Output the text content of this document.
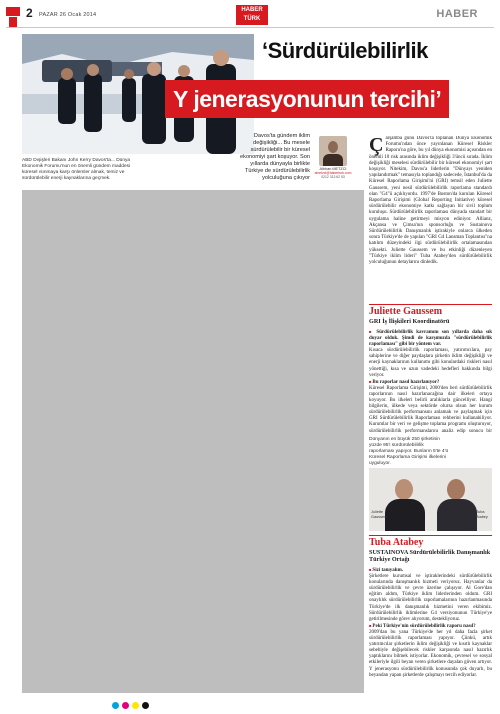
2 PAZAR 26 Ocak 2014
HABER
TÜRK	HABER
ABD Dışişleri Bakanı John Kerry Davos'ta... Dünya Ekonomik Forumu'nun en önemli gündem maddesi küresel ısınmaya karşı önlemler almak, temiz ve sürdürülebilir enerji kaynaklarına geçmek.
‘Sürdürülebilirlik
Y jenerasyonunun tercihi’
Davos'ta gündem iklim değişikliği... Bu mesele sürdürülebilir bir küresel ekonomiyi şart koşuyor. Son yıllarda dünyayla birlikte Türkiye de sürdürülebilirlik yolculuğuna çıkıyor
Altıhan METZCI
ametzci@haberturk.com
0212 313 62 53
Ç arşamba günü Davos'ta toplanan Dünya Ekonomik Forumu'ndan önce yayınlanan Küresel Riskler Raporu'na göre, bu yıl dünya ekonomisi açısından en önemli 10 risk arasında iklim değişikliği 3'üncü sırada. İklim değişikliği meselesi sürdürülebilir bir küresel ekonomiyi şart koşuyor. Nitekim, Davos'a liderlerin "Dünyayı yeniden yapılandırmak" temasıyla toplandığı sadecede, İstanbul'da da Küresel Raporlama Girişimi'ni (GRI) temsil eden Juliette Gaussem, yeni nesil sürdürülebilirlik raporlama standardı olan "G4"ü açıklıyordu. 1997'de Boston'da kurulan Küresel Raporlama Girişimi (Global Reporting Initiative) küresel sürdürülebilir ekonomiye katkı sağlayan bir sivil toplum kuruluşu. Sürdürülebilirlik raporlaması dünyada standart bir uygulama haline getirmeyi misyon ediniyor. Allianz, Akçansa ve Çimsa'nın sponsorluğu ve Sustainova Sürdürülebilirlik Danışmanlık iştirakiyle onlarca ülkeden sonra Türkiye'de de yapılan "GRI G4 Lansman Toplantısı"na katılım düzeyindeki ilgi sürdürülebilirlik ortalamasından yüksekti. Juliette Gaussem ve bu etkinliği düzenleyen "Türkiye iklim lideri" Tuba Atabey'den sürdürülebilirlik yolculuğunun detaylarını dinledik.
Juliette Gaussem
GRI İş İlişkileri Koordinatörü
■ Sürdürülebilirlik kavramını son yıllarda daha sık duyar olduk. Şimdi de karşımızda "sürdürülebilirlik raporlaması" gibi bir yöntem var.
Kısaca sürdürülebilirlik raporlaması, yatırımcılara, pay sahiplerine ve diğer paydaşlara şirketin iklim değişikliği ve enerji kaynaklarının kullanımı gibi konulardaki riskleri nasıl yönettiği, kısa ve uzun vadedeki hedefleri hakkında bilgi veriyor.
■ Bu raporlar nasıl hazırlanıyor?
Küresel Raporlama Girişimi, 2000'den beri sürdürülebilirlik raporlarının nasıl hazırlanacağına dair ilkeleri ortaya koyuyor. Bu ilkeleri belirli aralıklarla güncelliyor. Hangi bilgilerin, ülkede veya sektörde olursa olsun her kurum sürdürülebilirlik performansını anlamak ve paylaşmak için GRI Sürdürülebilirlik Raporlaması rehberini kullanabiliyor. Kurumlar bir veri ve gelişme toplama programı oluşturuyor, sürdürülebilirlik performanslarını analiz edip sonucu bir
Dünyanın en büyük 250 şirketinin yüzde 95'i sürdürülebilirlik raporlaması yapıyor. Bunların 5'te 4'ü Küresel Raporlama Girişimi ilkelerini uyguluyor.
Juliette Gaussem
Tuba Atabey
Tuba Atabey
SUSTAINOVA Sürdürülebilirlik Danışmanlık Türkiye Ortağı
■ Sizi tanıyalım.
Şirketlere kurumsal ve iştiraklerindeki sürdürülebilirlik konularında danışmanlık hizmeti veriyoruz. Hayvanlar da sürdürülebilirlik ve çevre üzerine çalışıyor. Al Gore'dan eğitim aldım, Türkiye iklim liderlerinden oldum. GRI onaylılık sürdürülebilirlik raporlamalarının hazırlanmasında Türkiye'de ilk danışmanlık hizmetini veren ekibimiz. Sürdürülebilirlik iklimlerine G4 versiyonunun Türkiye'ye getirilmesinde görev alıyorum, destekliyoruz.
■ Peki Türkiye'nin sürdürülebilirlik raporu nasıl?
2009'dan bu yana Türkiye'de her yıl daha fazla şirket sürdürülebilirlik raporlaması yapıyor. Çünkü, artık yatırımcılar şirketlerin iklim değişikliği ve kısıtlı kaynaklar sebebiyle değişebilecek riskler karşısında nasıl hazırlık yaptıklarını bilmek istiyorlar. Ekonomik, çevresel ve sosyal etkileriyle ilgili beyan veren şirketlere dayalan güven artıyor. Y jenerasyonu sürdürülebilirlik konusunda çok duyarlı, bu beyandan yapan şirketlerde çalışmayı tercih ediyorlar.
